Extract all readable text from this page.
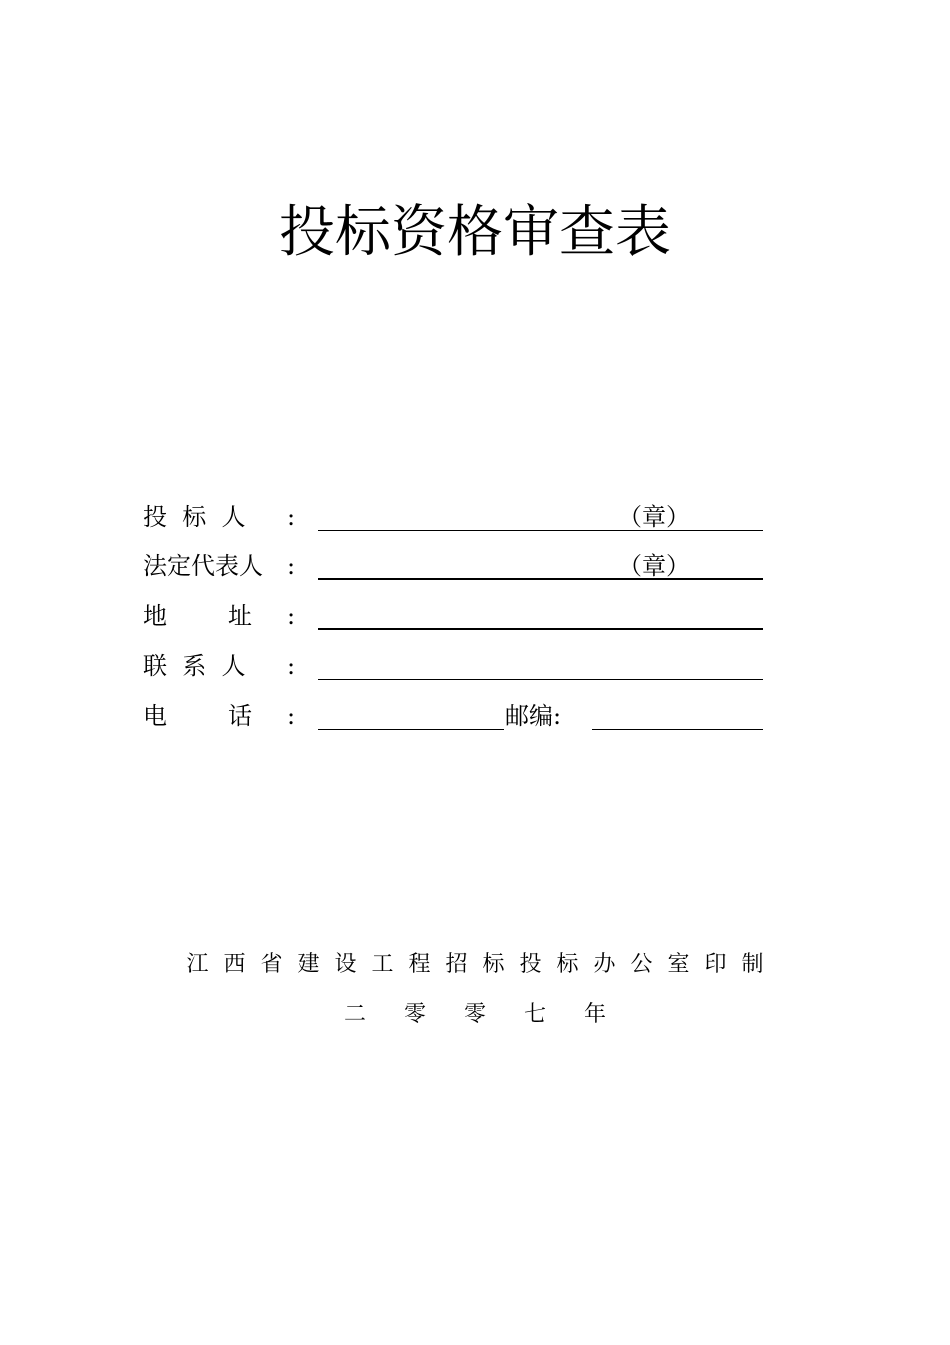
投标资格审查表
投  标  人	:	（章）
法定代表人	:	（章）
地        址	:
联  系  人	:
电        话	:	邮编:
江西省建设工程招标投标办公室印制
二零零七年
